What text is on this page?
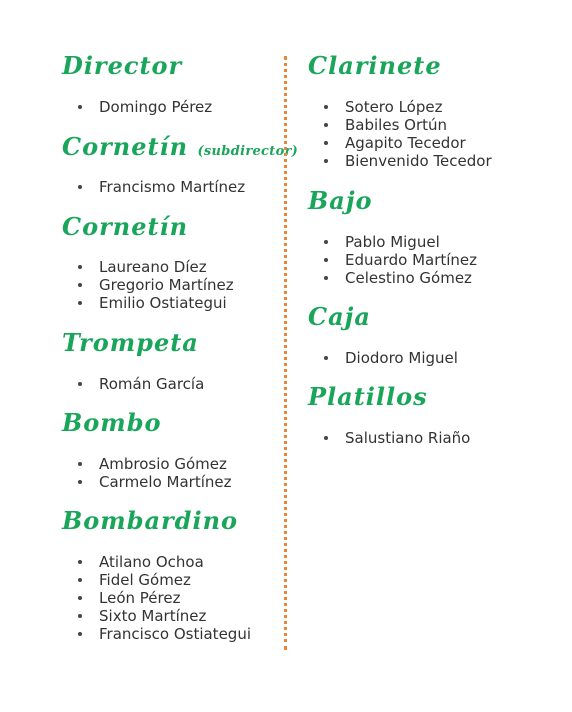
Director
Domingo Pérez
Cornetín (subdirector)
Francismo Martínez
Cornetín
Laureano Díez
Gregorio Martínez
Emilio Ostiategui
Trompeta
Román García
Bombo
Ambrosio Gómez
Carmelo Martínez
Bombardino
Atilano Ochoa
Fidel Gómez
León Pérez
Sixto Martínez
Francisco Ostiategui
Clarinete
Sotero López
Babiles Ortún
Agapito Tecedor
Bienvenido Tecedor
Bajo
Pablo Miguel
Eduardo Martínez
Celestino Gómez
Caja
Diodoro Miguel
Platillos
Salustiano Riaño
